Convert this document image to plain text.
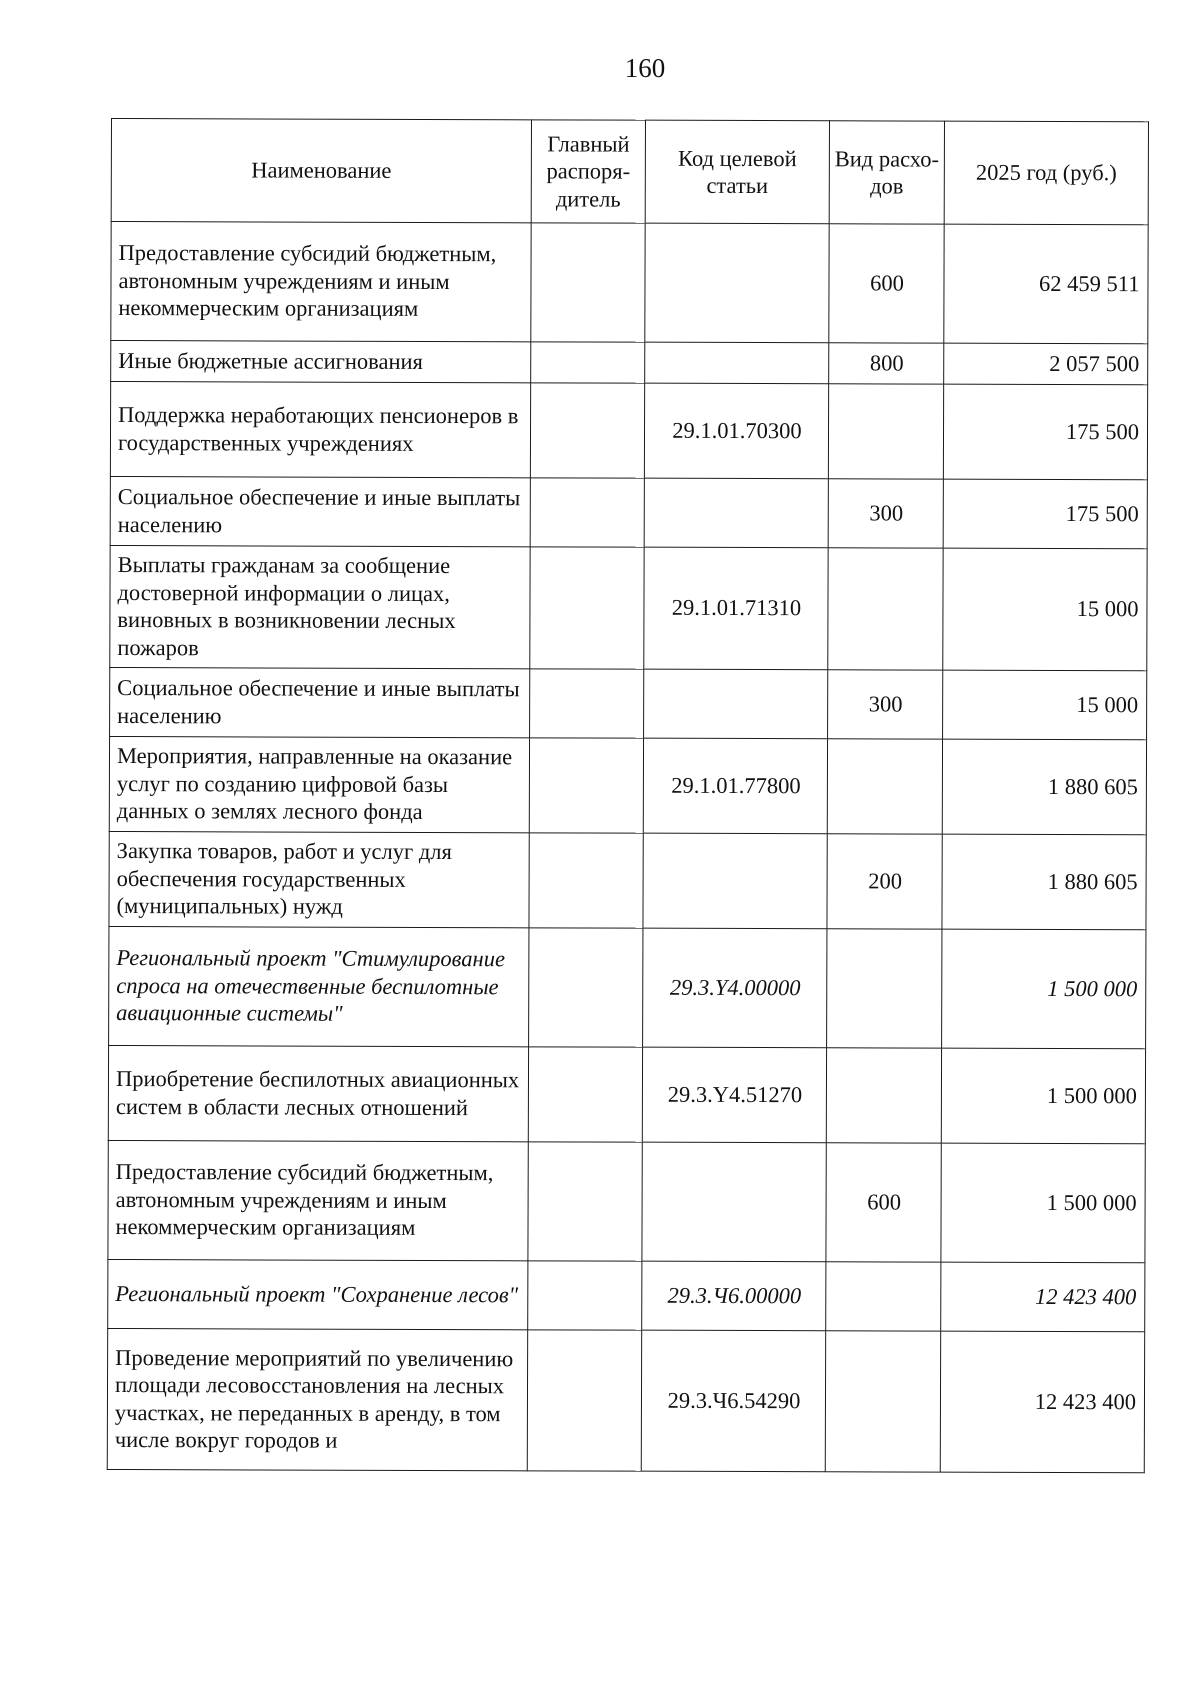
160
Наименование	Главный распоря-дитель	Код целевой статьи	Вид расхо-дов	2025 год (руб.)
Предоставление субсидий бюджетным, автономным учреждениям и иным некоммерческим организациям			600	62 459 511
Иные бюджетные ассигнования			800	2 057 500
Поддержка неработающих пенсионеров в государственных учреждениях		29.1.01.70300		175 500
Социальное обеспечение и иные выплаты населению			300	175 500
Выплаты гражданам за сообщение достоверной информации о лицах, виновных в возникновении лесных пожаров		29.1.01.71310		15 000
Социальное обеспечение и иные выплаты населению			300	15 000
Мероприятия, направленные на оказание услуг по созданию цифровой базы данных о землях лесного фонда		29.1.01.77800		1 880 605
Закупка товаров, работ и услуг для обеспечения государственных (муниципальных) нужд			200	1 880 605
Региональный проект "Стимулирование спроса на отечественные беспилотные авиационные системы"		29.3.Y4.00000		1 500 000
Приобретение беспилотных авиационных систем в области лесных отношений		29.3.Y4.51270		1 500 000
Предоставление субсидий бюджетным, автономным учреждениям и иным некоммерческим организациям			600	1 500 000
Региональный проект "Сохранение лесов"		29.3.Ч6.00000		12 423 400
Проведение мероприятий по увеличению площади лесовосстановления на лесных участках, не переданных в аренду, в том числе вокруг городов и		29.3.Ч6.54290		12 423 400
